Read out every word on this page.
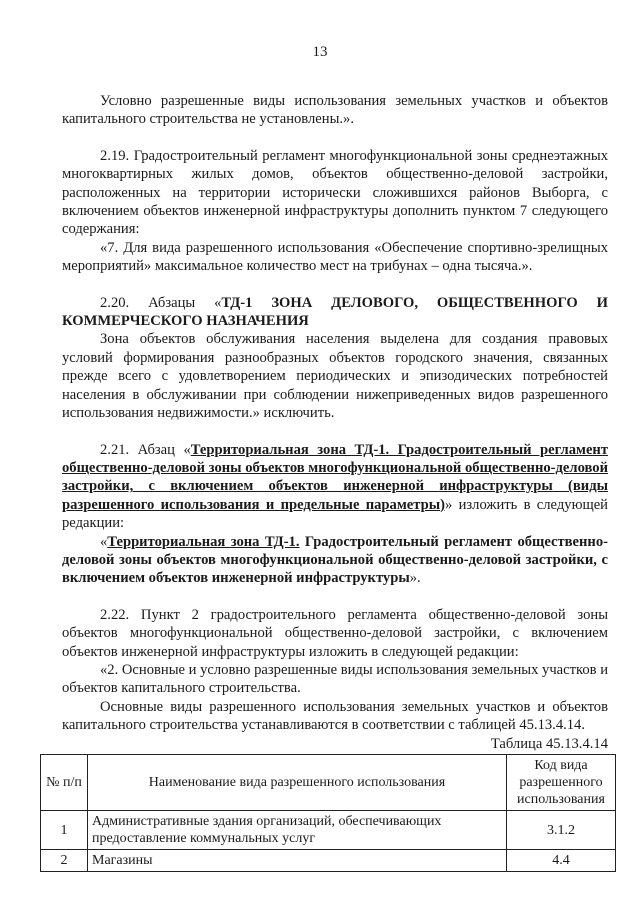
13

Условно разрешенные виды использования земельных участков и объектов капитального строительства не установлены.».

2.19. Градостроительный регламент многофункциональной зоны среднеэтажных многоквартирных жилых домов, объектов общественно-деловой застройки, расположенных на территории исторически сложившихся районов Выборга, с включением объектов инженерной инфраструктуры дополнить пунктом 7 следующего содержания:

«7. Для вида разрешенного использования «Обеспечение спортивно-зрелищных мероприятий» максимальное количество мест на трибунах – одна тысяча.».

2.20. Абзацы «ТД-1 ЗОНА ДЕЛОВОГО, ОБЩЕСТВЕННОГО И КОММЕРЧЕСКОГО НАЗНАЧЕНИЯ

Зона объектов обслуживания населения выделена для создания правовых условий формирования разнообразных объектов городского значения, связанных прежде всего с удовлетворением периодических и эпизодических потребностей населения в обслуживании при соблюдении нижеприведенных видов разрешенного использования недвижимости.» исключить.

2.21. Абзац «Территориальная зона ТД-1. Градостроительный регламент общественно-деловой зоны объектов многофункциональной общественно-деловой застройки, с включением объектов инженерной инфраструктуры (виды разрешенного использования и предельные параметры)» изложить в следующей редакции:

«Территориальная зона ТД-1. Градостроительный регламент общественно-деловой зоны объектов многофункциональной общественно-деловой застройки, с включением объектов инженерной инфраструктуры».

2.22. Пункт 2 градостроительного регламента общественно-деловой зоны объектов многофункциональной общественно-деловой застройки, с включением объектов инженерной инфраструктуры изложить в следующей редакции:

«2. Основные и условно разрешенные виды использования земельных участков и объектов капитального строительства.

Основные виды разрешенного использования земельных участков и объектов капитального строительства устанавливаются в соответствии с таблицей 45.13.4.14.

Таблица 45.13.4.14

№ п/п	Наименование вида разрешенного использования	Код вида разрешенного использования
1	Административные здания организаций, обеспечивающих предоставление коммунальных услуг	3.1.2
2	Магазины	4.4
